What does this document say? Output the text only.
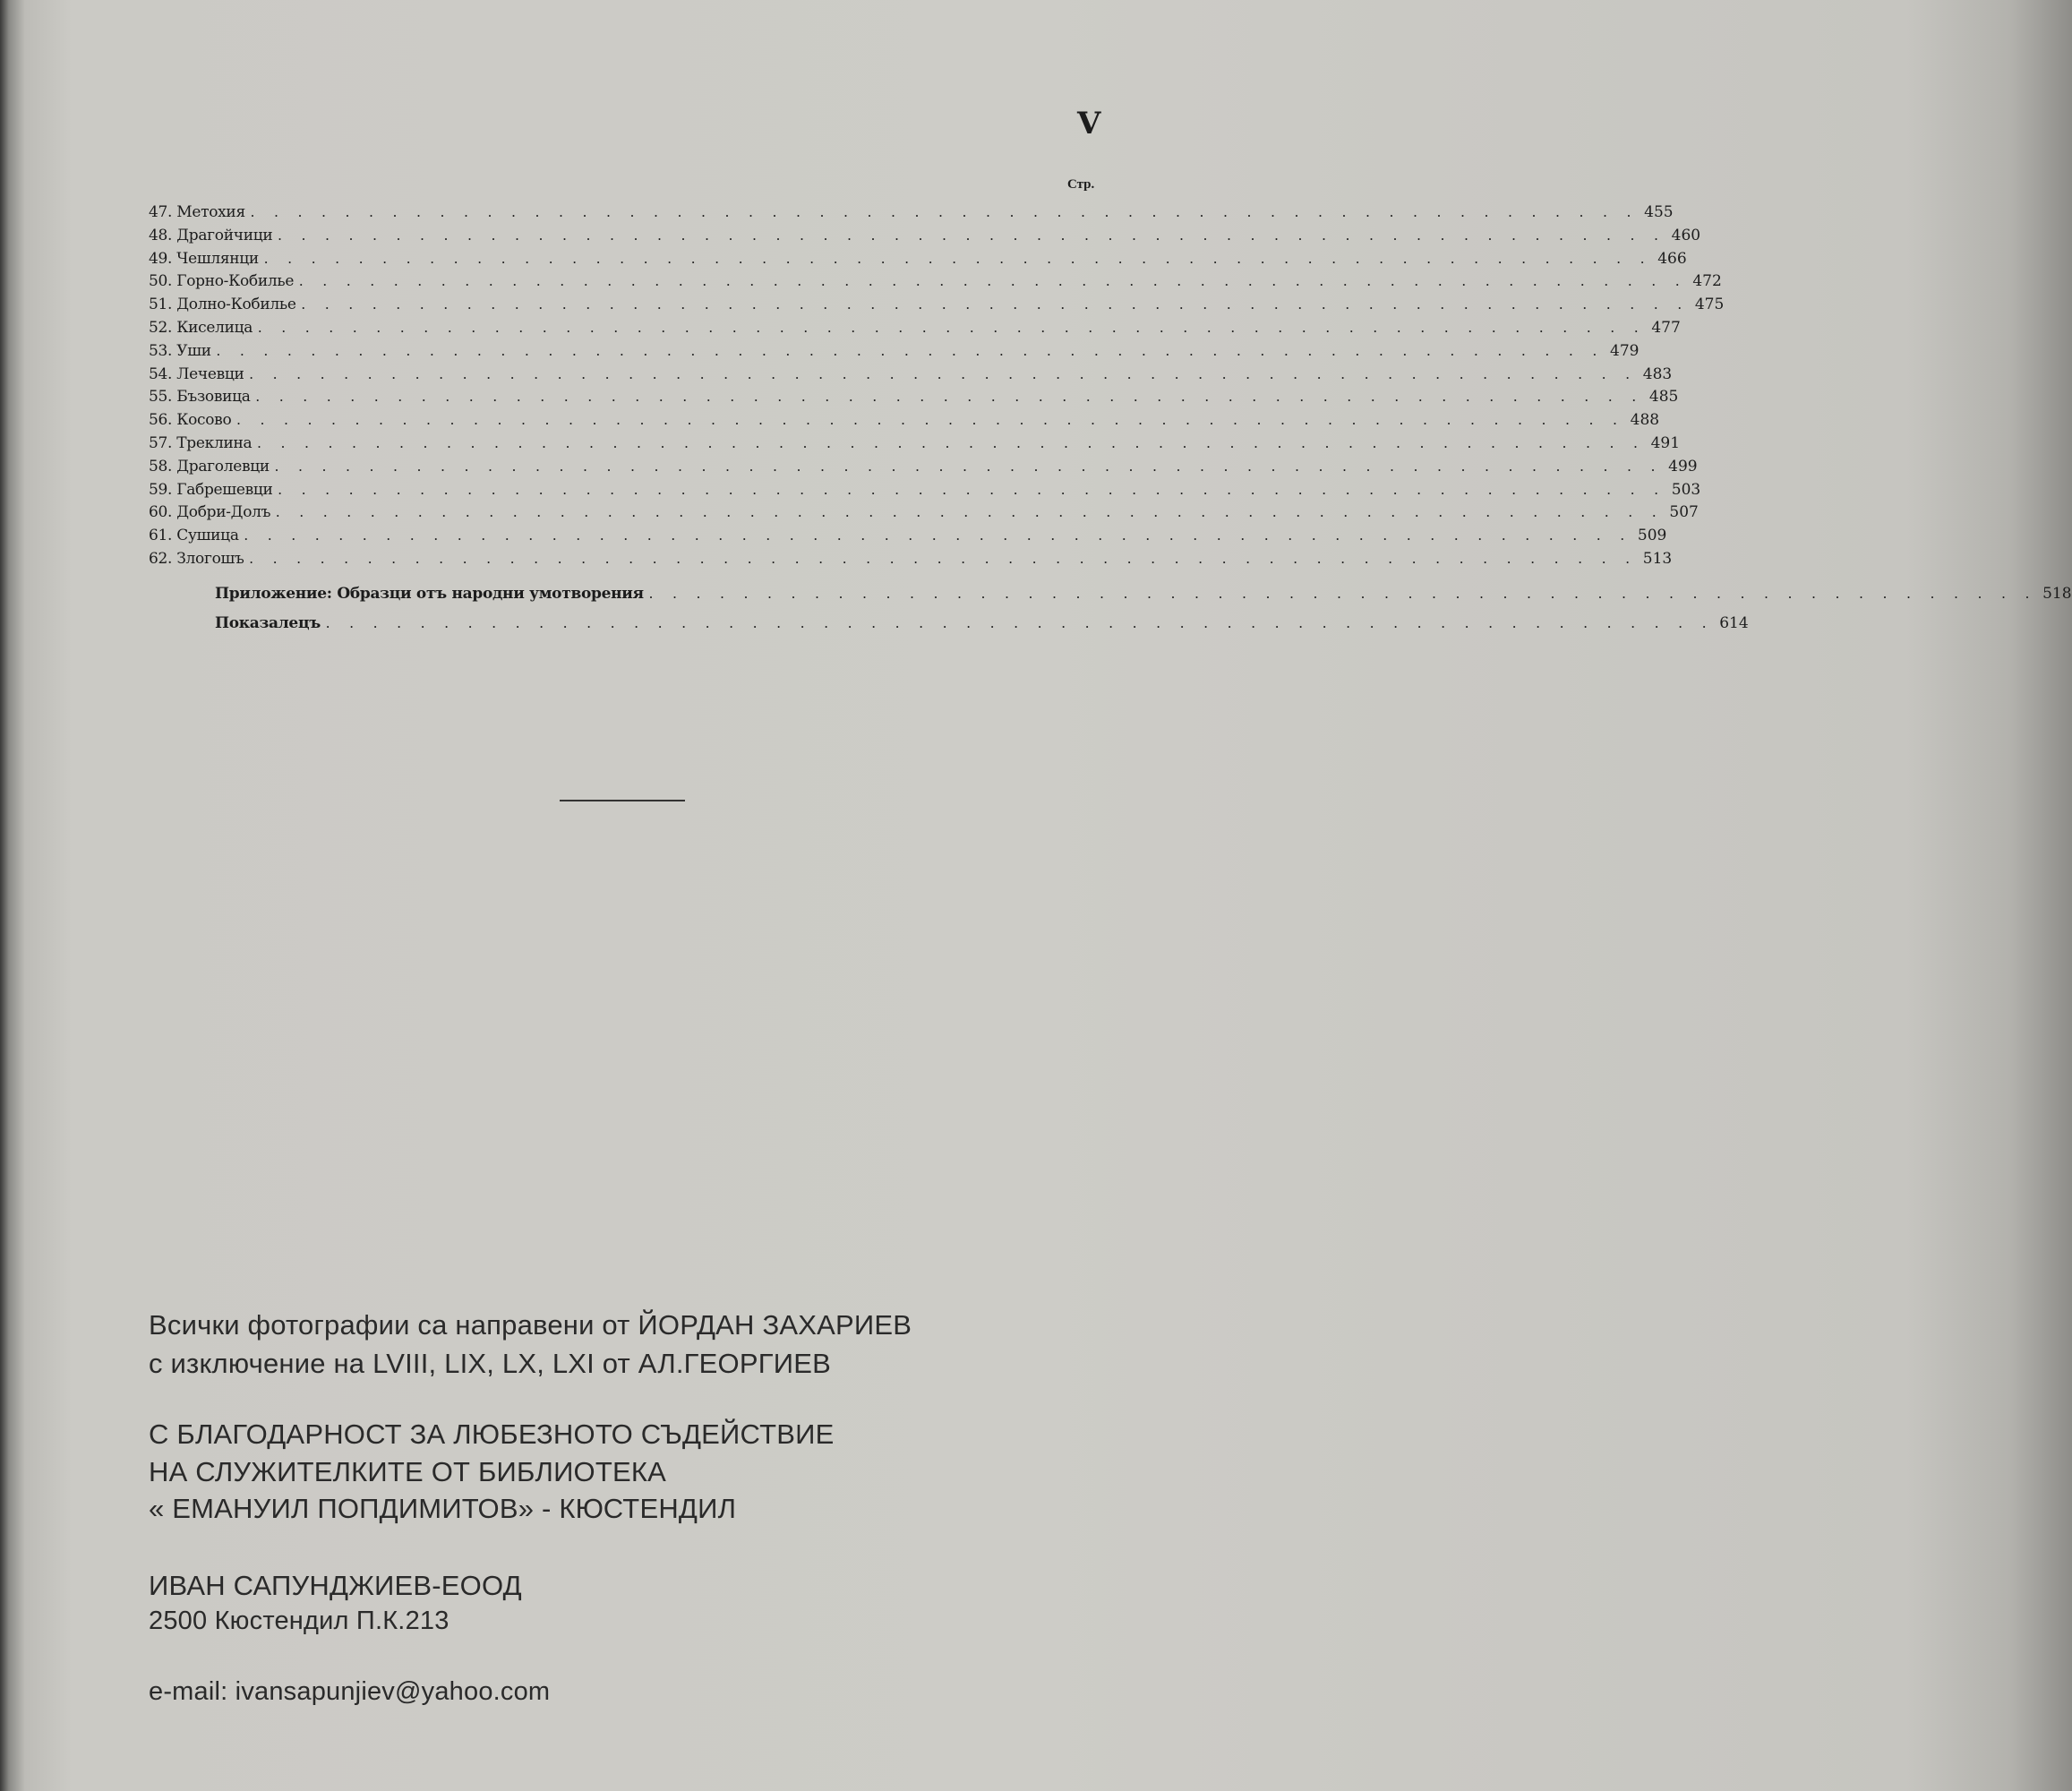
V
Стр.
47. Метохия . . . . . . . . . . . . . . . . . . . . . . . . . . . . . . . . . . . . . . . . . . . . . . . . . . . . . . . . . . . 455
48. Драгойчици . . . . . . . . . . . . . . . . . . . . . . . . . . . . . . . . . . . . . . . . . . . . . . . . . . . . . . . . . . . 460
49. Чешлянци . . . . . . . . . . . . . . . . . . . . . . . . . . . . . . . . . . . . . . . . . . . . . . . . . . . . . . . . . . . 466
50. Горно-Кобилье . . . . . . . . . . . . . . . . . . . . . . . . . . . . . . . . . . . . . . . . . . . . . . . . . . . . . . . . . . . 472
51. Долно-Кобилье . . . . . . . . . . . . . . . . . . . . . . . . . . . . . . . . . . . . . . . . . . . . . . . . . . . . . . . . . . . 475
52. Киселица . . . . . . . . . . . . . . . . . . . . . . . . . . . . . . . . . . . . . . . . . . . . . . . . . . . . . . . . . . . 477
53. Уши . . . . . . . . . . . . . . . . . . . . . . . . . . . . . . . . . . . . . . . . . . . . . . . . . . . . . . . . . . . 479
54. Лечевци . . . . . . . . . . . . . . . . . . . . . . . . . . . . . . . . . . . . . . . . . . . . . . . . . . . . . . . . . . . 483
55. Бъзовица . . . . . . . . . . . . . . . . . . . . . . . . . . . . . . . . . . . . . . . . . . . . . . . . . . . . . . . . . . . 485
56. Косово . . . . . . . . . . . . . . . . . . . . . . . . . . . . . . . . . . . . . . . . . . . . . . . . . . . . . . . . . . . 488
57. Треклина . . . . . . . . . . . . . . . . . . . . . . . . . . . . . . . . . . . . . . . . . . . . . . . . . . . . . . . . . . . 491
58. Драголевци . . . . . . . . . . . . . . . . . . . . . . . . . . . . . . . . . . . . . . . . . . . . . . . . . . . . . . . . . . . 499
59. Габрешевци . . . . . . . . . . . . . . . . . . . . . . . . . . . . . . . . . . . . . . . . . . . . . . . . . . . . . . . . . . . 503
60. Добри-Долъ . . . . . . . . . . . . . . . . . . . . . . . . . . . . . . . . . . . . . . . . . . . . . . . . . . . . . . . . . . . 507
61. Сушица . . . . . . . . . . . . . . . . . . . . . . . . . . . . . . . . . . . . . . . . . . . . . . . . . . . . . . . . . . . 509
62. Злогошъ . . . . . . . . . . . . . . . . . . . . . . . . . . . . . . . . . . . . . . . . . . . . . . . . . . . . . . . . . . . 513
Приложение: Образци отъ народни умотворения . . . . . . . . . . . . . . . . . . . . . . . . . . . . . . . . . . . . . . . . . . . . . . . . . . . . . . . . . . . 518
Показалецъ . . . . . . . . . . . . . . . . . . . . . . . . . . . . . . . . . . . . . . . . . . . . . . . . . . . . . . . . . . . 614
Всички фотографии са направени от ЙОРДАН ЗАХАРИЕВ
с изключение на LVIII, LIX, LX, LXI от АЛ.ГЕОРГИЕВ
С БЛАГОДАРНОСТ ЗА ЛЮБЕЗНОТО СЪДЕЙСТВИЕ
НА СЛУЖИТЕЛКИТЕ ОТ БИБЛИОТЕКА
« ЕМАНУИЛ ПОПДИМИТОВ» - КЮСТЕНДИЛ
ИВАН САПУНДЖИЕВ-ЕООД
2500 Кюстендил П.К.213
e-mail: ivansapunjiev@yahoo.com
